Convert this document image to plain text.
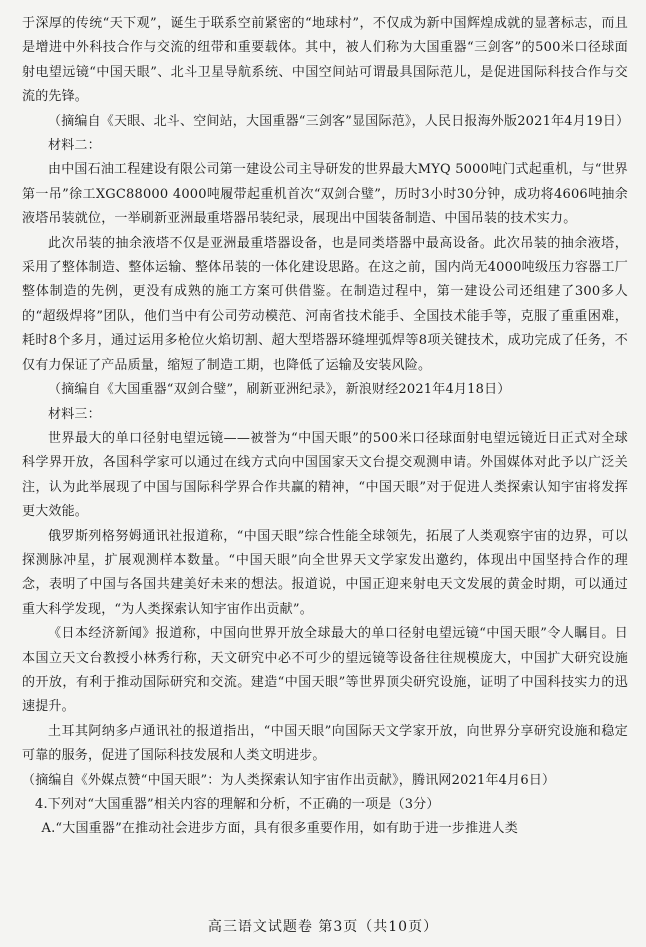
于深厚的传统“天下观”，诞生于联系空前紧密的“地球村”，不仅成为新中国辉煌成就的显著标志，而且是增进中外科技合作与交流的纽带和重要载体。其中，被人们称为大国重器“三剑客”的500米口径球面射电望远镜“中国天眼”、北斗卫星导航系统、中国空间站可谓最具国际范儿，是促进国际科技合作与交流的先锋。

（摘编自《天眼、北斗、空间站，大国重器“三剑客”显国际范》，人民日报海外版2021年4月19日）

材料二：

由中国石油工程建设有限公司第一建设公司主导研发的世界最大MYQ 5000吨门式起重机，与“世界第一吊”徐工XGC88000 4000吨履带起重机首次“双剑合璧”，历时3小时30分钟，成功将4606吨抽余液塔吊装就位，一举刷新亚洲最重塔器吊装纪录，展现出中国装备制造、中国吊装的技术实力。

此次吊装的抽余液塔不仅是亚洲最重塔器设备，也是同类塔器中最高设备。此次吊装的抽余液塔，采用了整体制造、整体运输、整体吊装的一体化建设思路。在这之前，国内尚无4000吨级压力容器工厂整体制造的先例，更没有成熟的施工方案可供借鉴。在制造过程中，第一建设公司还组建了300多人的“超级焊将”团队，他们当中有公司劳动模范、河南省技术能手、全国技术能手等，克服了重重困难，耗时8个多月，通过运用多枪位火焰切割、超大型塔器环缝埋弧焊等8项关键技术，成功完成了任务，不仅有力保证了产品质量，缩短了制造工期，也降低了运输及安装风险。

（摘编自《大国重器“双剑合璧”，刷新亚洲纪录》，新浪财经2021年4月18日）

材料三：

世界最大的单口径射电望远镜——被誉为“中国天眼”的500米口径球面射电望远镜近日正式对全球科学界开放，各国科学家可以通过在线方式向中国国家天文台提交观测申请。外国媒体对此予以广泛关注，认为此举展现了中国与国际科学界合作共赢的精神，“中国天眼”对于促进人类探索认知宇宙将发挥更大效能。

俄罗斯列格努姆通讯社报道称，“中国天眼”综合性能全球领先，拓展了人类观察宇宙的边界，可以探测脉冲星，扩展观测样本数量。“中国天眼”向全世界天文学家发出邀约，体现出中国坚持合作的理念，表明了中国与各国共建美好未来的想法。报道说，中国正迎来射电天文发展的黄金时期，可以通过重大科学发现，“为人类探索认知宇宙作出贡献”。

《日本经济新闻》报道称，中国向世界开放全球最大的单口径射电望远镜“中国天眼”令人瞩目。日本国立天文台教授小林秀行称，天文研究中必不可少的望远镜等设备往往规模庞大，中国扩大研究设施的开放，有利于推动国际研究和交流。建造“中国天眼”等世界顶尖研究设施，证明了中国科技实力的迅速提升。

土耳其阿纳多卢通讯社的报道指出，“中国天眼”向国际天文学家开放，向世界分享研究设施和稳定可靠的服务，促进了国际科技发展和人类文明进步。

（摘编自《外媒点赞“中国天眼”：为人类探索认知宇宙作出贡献》，腾讯网2021年4月6日）

4.下列对“大国重器”相关内容的理解和分析，不正确的一项是（3分）

A.“大国重器”在推动社会进步方面，具有很多重要作用，如有助于进一步推进人类

高三语文试题卷 第3页（共10页）
